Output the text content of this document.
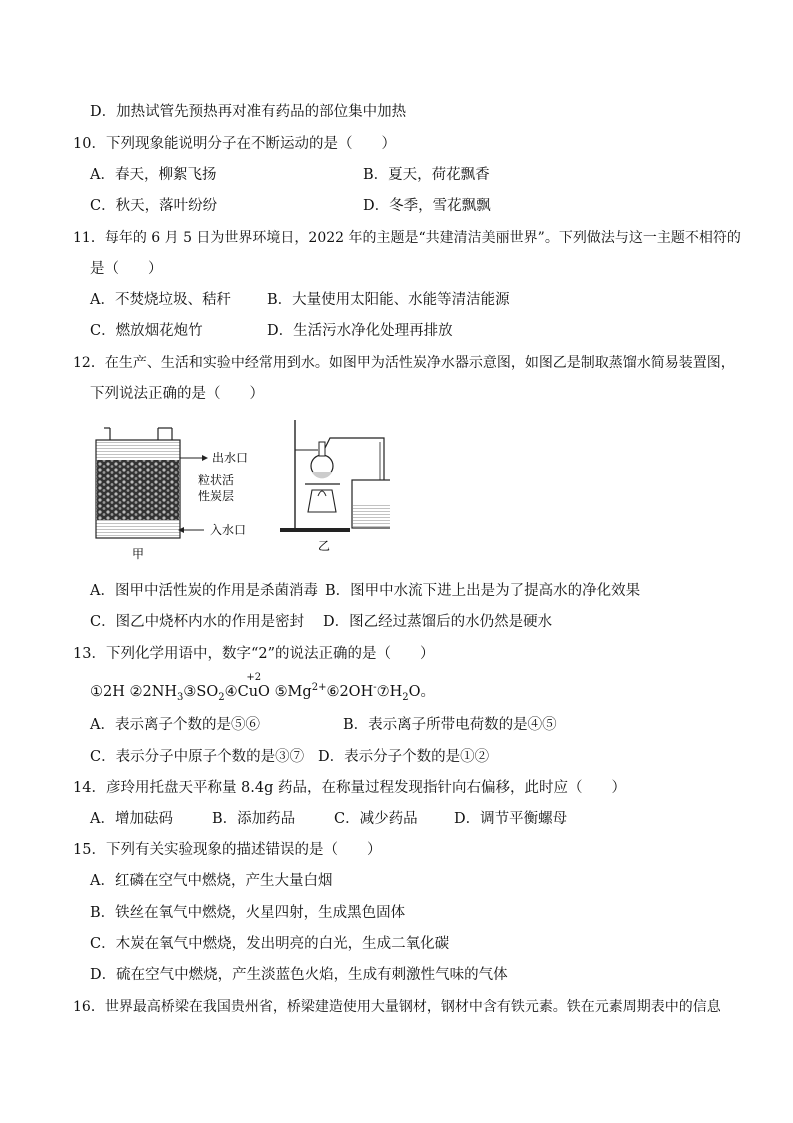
D．加热试管先预热再对准有药品的部位集中加热
10．下列现象能说明分子在不断运动的是（　　）
A．春天，柳絮飞扬	B．夏天，荷花飘香
C．秋天，落叶纷纷	D．冬季，雪花飘飘
11．每年的 6 月 5 日为世界环境日，2022 年的主题是“共建清洁美丽世界”。下列做法与这一主题不相符的
是（　　）
A．不焚烧垃圾、秸秆 B．大量使用太阳能、水能等清洁能源
C．燃放烟花炮竹	D．生活污水净化处理再排放
12．在生产、生活和实验中经常用到水。如图甲为活性炭净水器示意图，如图乙是制取蒸馏水简易装置图，
下列说法正确的是（　　）
出水口
粒状活
性炭层
入水口
甲
乙
A．图甲中活性炭的作用是杀菌消毒 B．图甲中水流下进上出是为了提高水的净化效果
C．图乙中烧杯内水的作用是密封 D．图乙经过蒸馏后的水仍然是硬水
13．下列化学用语中，数字“2”的说法正确的是（　　）
①2H $②2NH_3③SO_2④$
+2
CuO $⑤Mg^{2+}⑥2OH^-⑦H_2O$。
A．表示离子个数的是⑤⑥	B．表示离子所带电荷数的是④⑤
C．表示分子中原子个数的是③⑦ D．表示分子个数的是①②
14．彦玲用托盘天平称量 8.4g 药品，在称量过程发现指针向右偏移，此时应（　　）
A．增加砝码	B．添加药品	C．减少药品	D．调节平衡螺母
15．下列有关实验现象的描述错误的是（　　）
A．红磷在空气中燃烧，产生大量白烟
B．铁丝在氧气中燃烧，火星四射，生成黑色固体
C．木炭在氧气中燃烧，发出明亮的白光，生成二氧化碳
D．硫在空气中燃烧，产生淡蓝色火焰，生成有刺激性气味的气体
16．世界最高桥梁在我国贵州省，桥梁建造使用大量钢材，钢材中含有铁元素。铁在元素周期表中的信息
